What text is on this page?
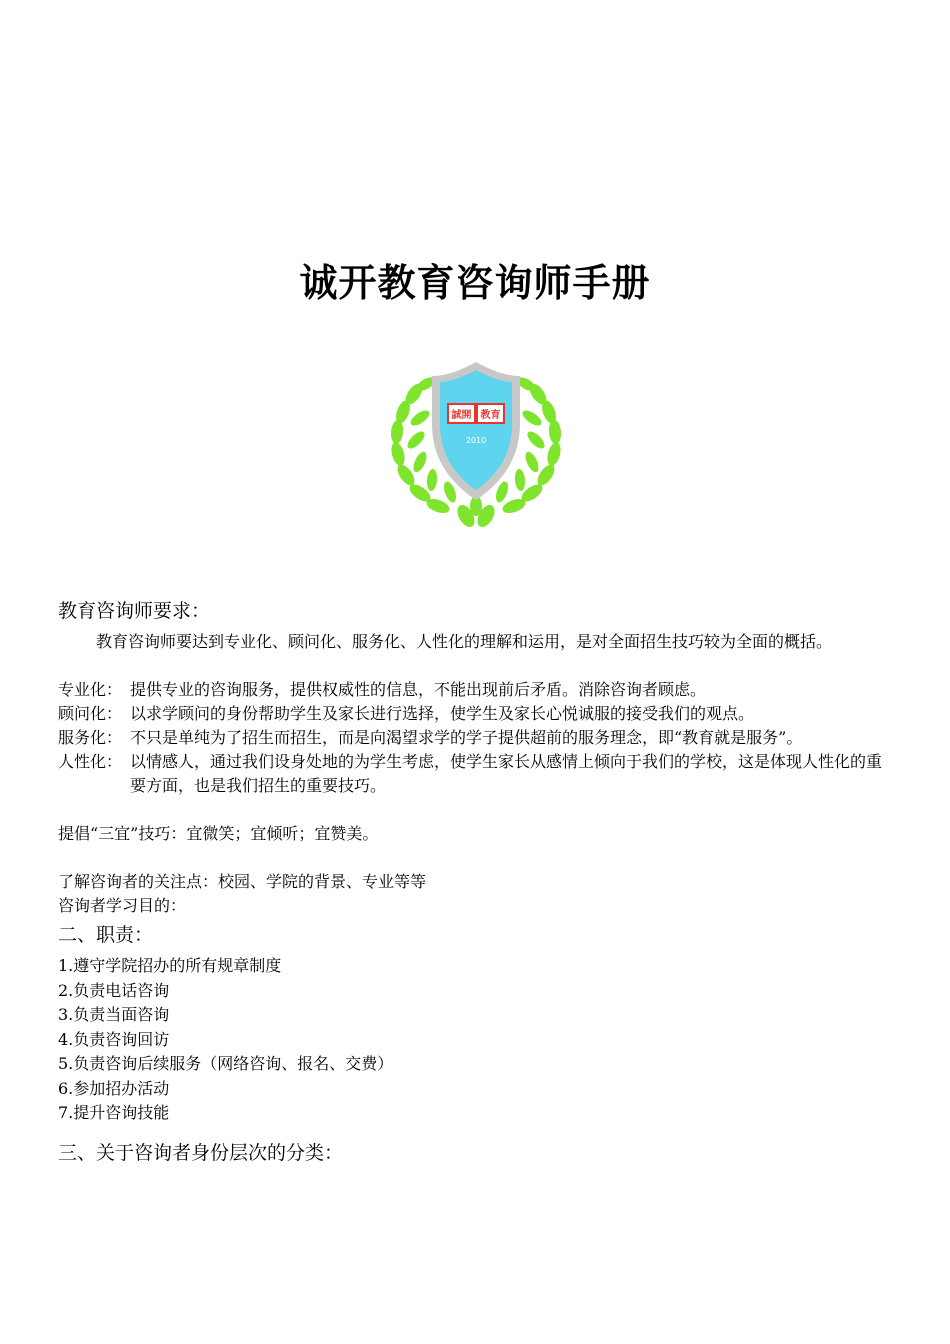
诚开教育咨询师手册
誠開 教育
2010

教育咨询师要求：

教育咨询师要达到专业化、顾问化、服务化、人性化的理解和运用，是对全面招生技巧较为全面的概括。

专业化： 提供专业的咨询服务，提供权威性的信息，不能出现前后矛盾。消除咨询者顾虑。
顾问化： 以求学顾问的身份帮助学生及家长进行选择，使学生及家长心悦诚服的接受我们的观点。
服务化： 不只是单纯为了招生而招生，而是向渴望求学的学子提供超前的服务理念，即“教育就是服务”。
人性化： 以情感人，通过我们设身处地的为学生考虑，使学生家长从感情上倾向于我们的学校，这是体现人性化的重要方面，也是我们招生的重要技巧。

提倡“三宜”技巧：宜微笑；宜倾听；宜赞美。

了解咨询者的关注点：校园、学院的背景、专业等等

咨询者学习目的：

二、职责：

1.遵守学院招办的所有规章制度

2.负责电话咨询

3.负责当面咨询

4.负责咨询回访

5.负责咨询后续服务（网络咨询、报名、交费）

6.参加招办活动

7.提升咨询技能

三、关于咨询者身份层次的分类：
